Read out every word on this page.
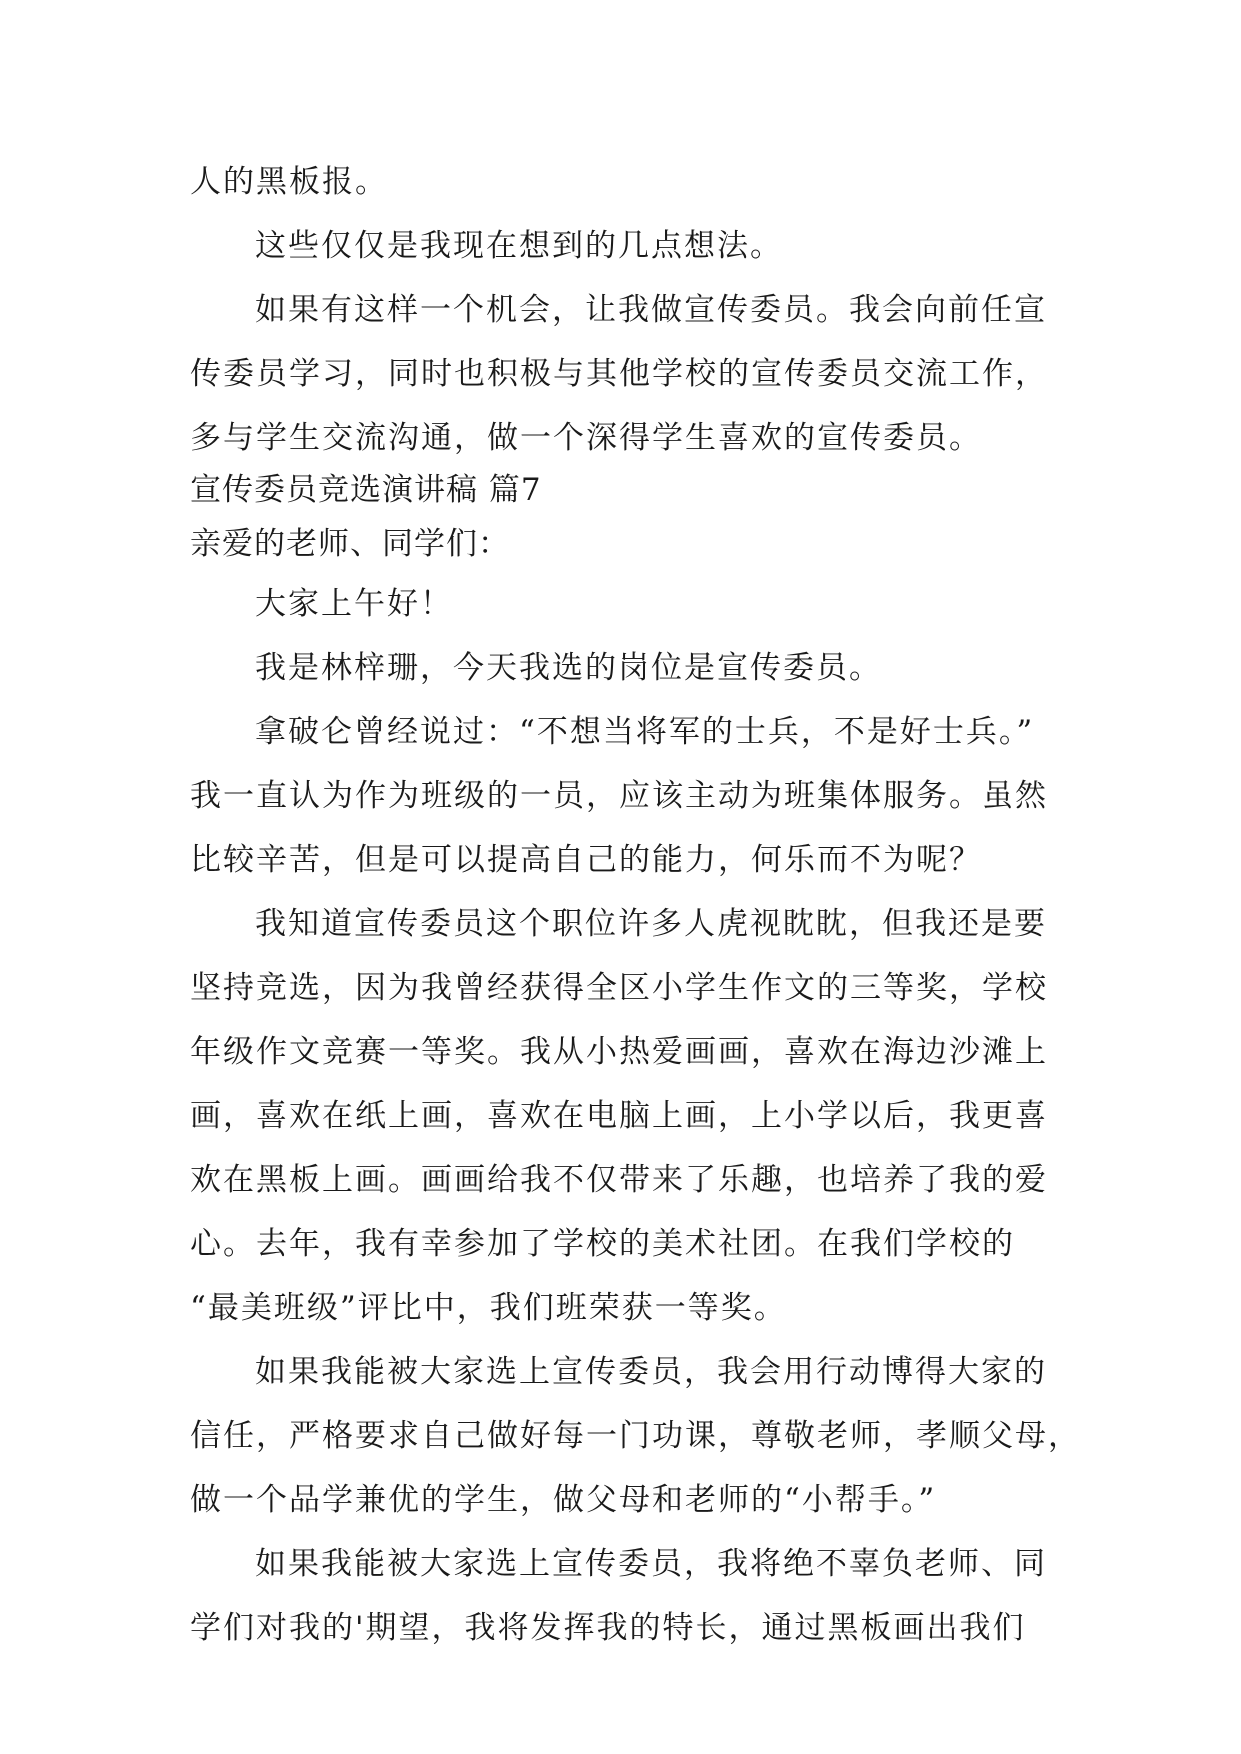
人的黑板报。
这些仅仅是我现在想到的几点想法。
如果有这样一个机会，让我做宣传委员。我会向前任宣
传委员学习，同时也积极与其他学校的宣传委员交流工作，
多与学生交流沟通，做一个深得学生喜欢的宣传委员。
宣传委员竞选演讲稿 篇7
亲爱的老师、同学们：
大家上午好！
我是林梓珊，今天我选的岗位是宣传委员。
拿破仑曾经说过：“不想当将军的士兵，不是好士兵。”
我一直认为作为班级的一员，应该主动为班集体服务。虽然
比较辛苦，但是可以提高自己的能力，何乐而不为呢？
我知道宣传委员这个职位许多人虎视眈眈，但我还是要
坚持竞选，因为我曾经获得全区小学生作文的三等奖，学校
年级作文竞赛一等奖。我从小热爱画画，喜欢在海边沙滩上
画，喜欢在纸上画，喜欢在电脑上画，上小学以后，我更喜
欢在黑板上画。画画给我不仅带来了乐趣，也培养了我的爱
心。去年，我有幸参加了学校的美术社团。在我们学校的
“最美班级”评比中，我们班荣获一等奖。
如果我能被大家选上宣传委员，我会用行动博得大家的
信任，严格要求自己做好每一门功课，尊敬老师，孝顺父母，
做一个品学兼优的学生，做父母和老师的“小帮手。”
如果我能被大家选上宣传委员，我将绝不辜负老师、同
学们对我的'期望，我将发挥我的特长，通过黑板画出我们
